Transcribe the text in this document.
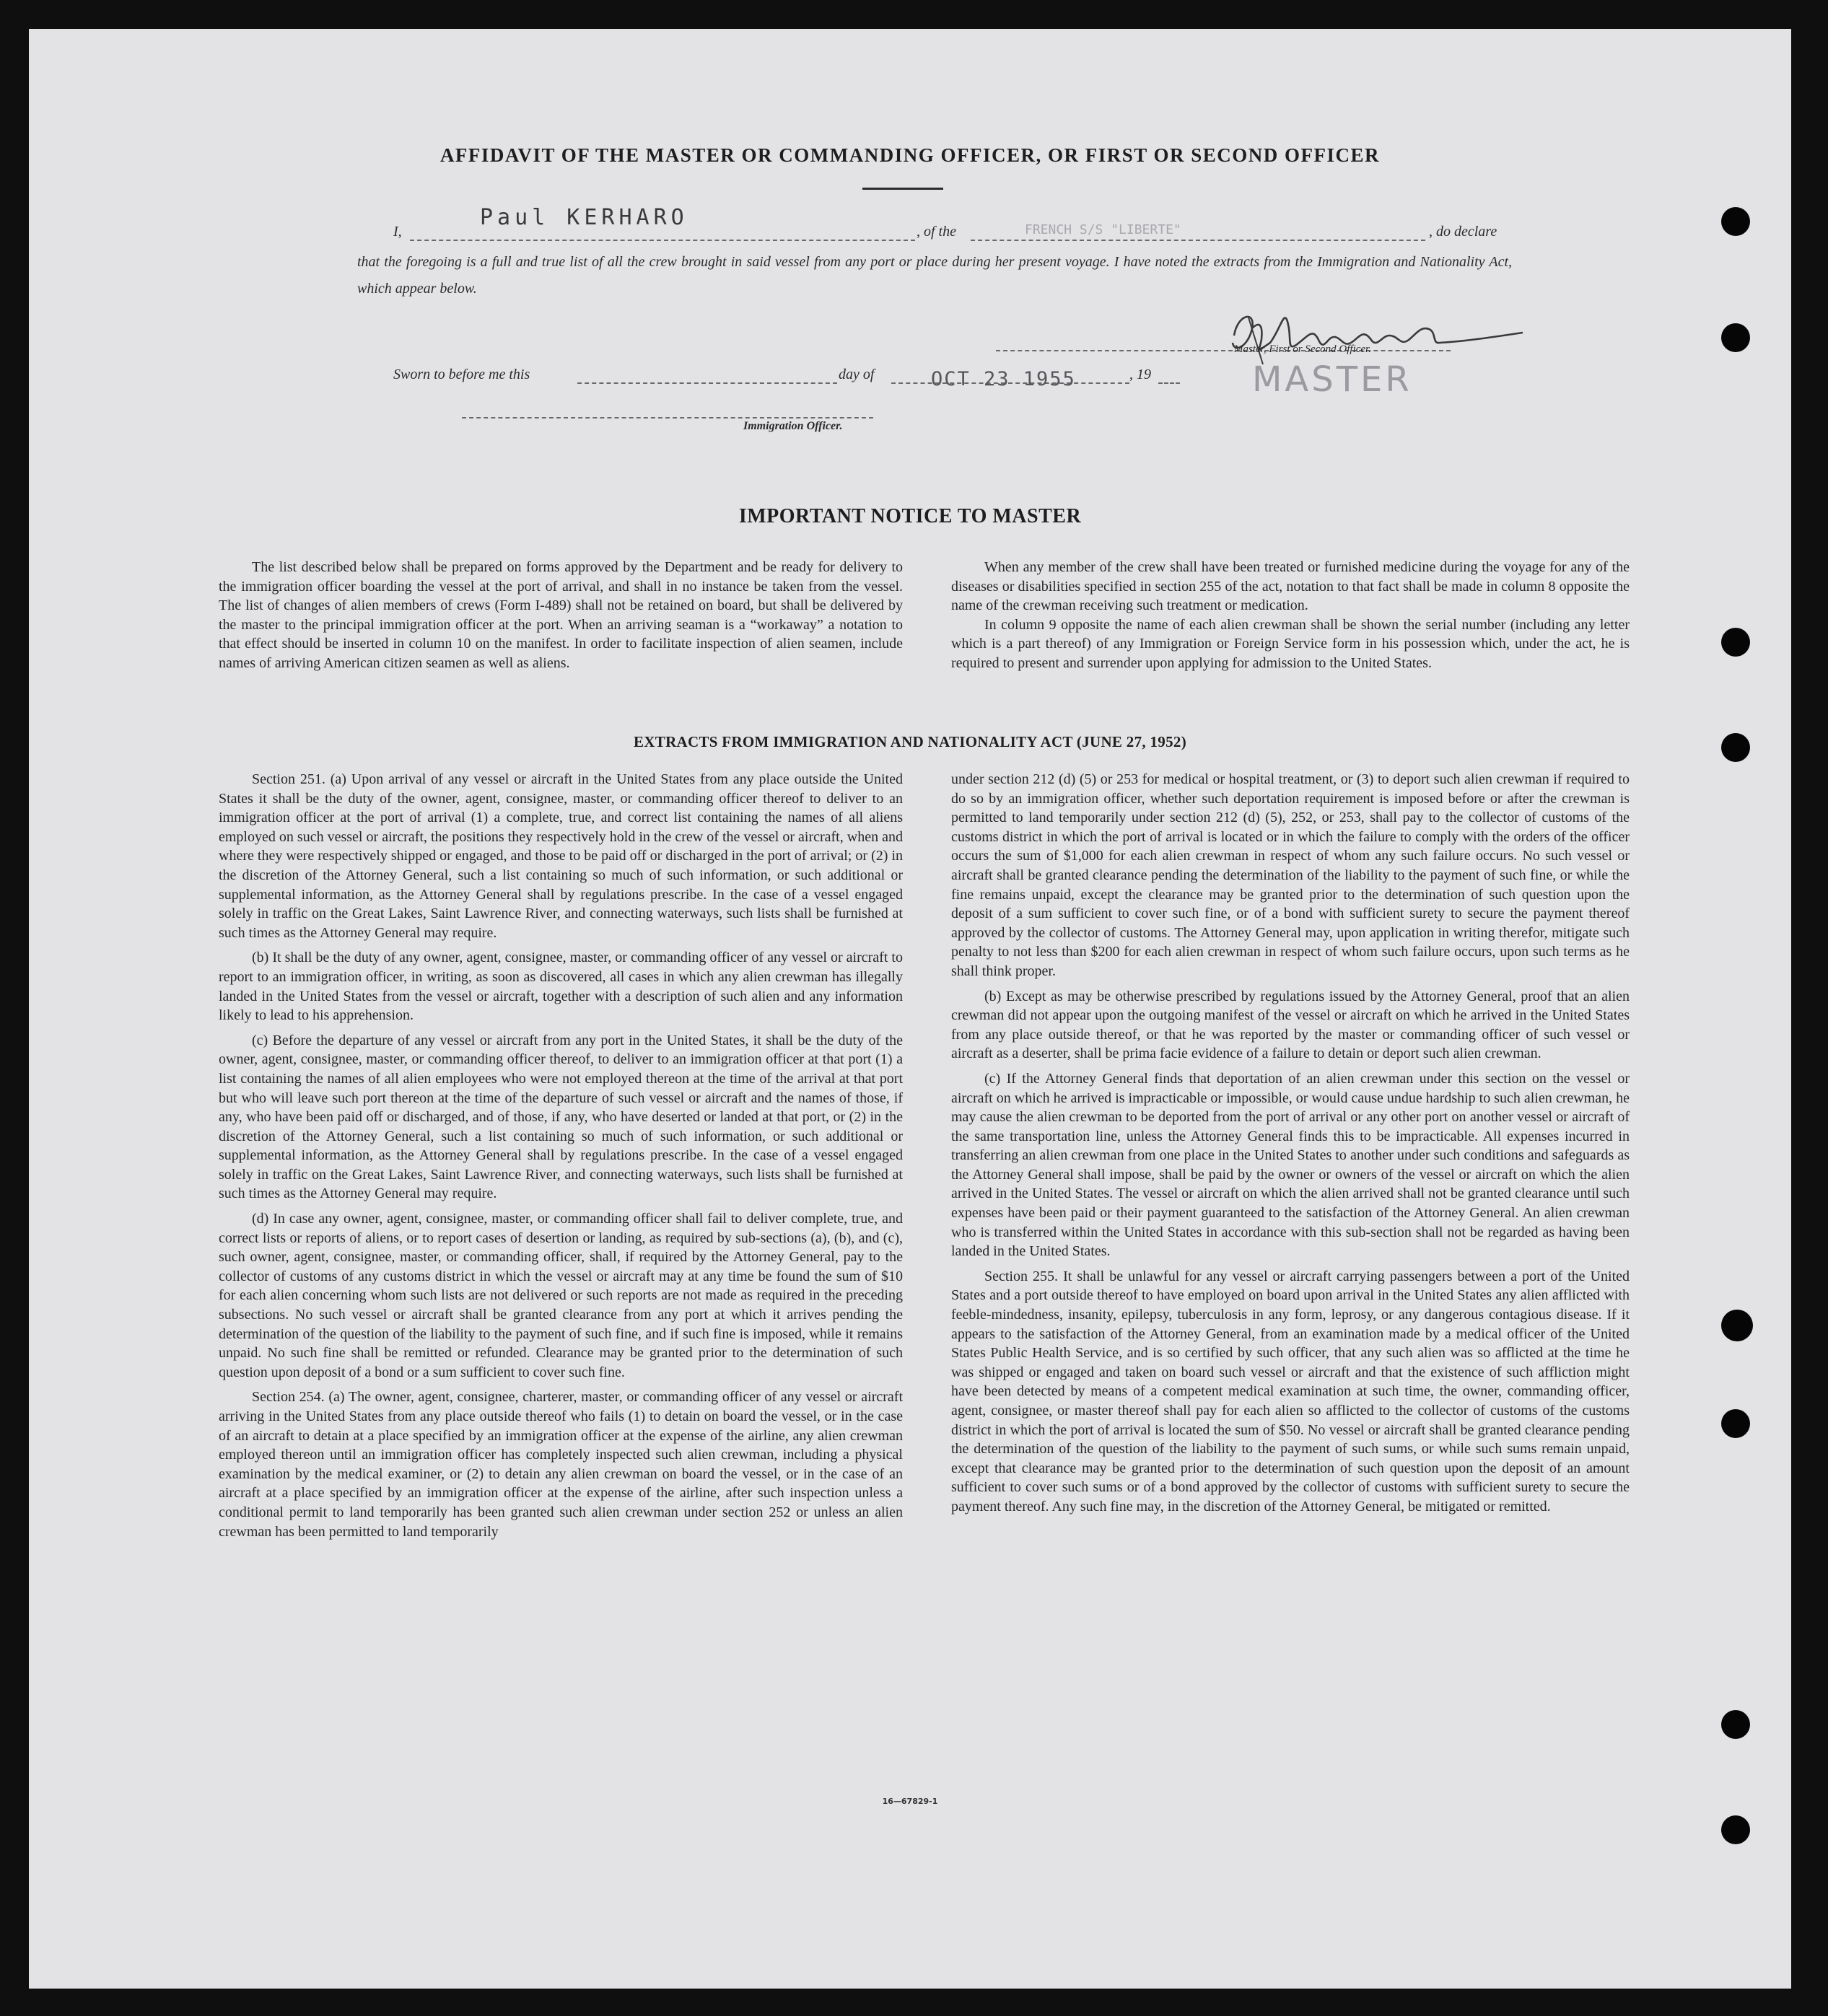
AFFIDAVIT OF THE MASTER OR COMMANDING OFFICER, OR FIRST OR SECOND OFFICER
I,
Paul KERHARO
, of the	FRENCH S/S "LIBERTE"	, do declare
that the foregoing is a full and true list of all the crew brought in said vessel from any port or place during her present voyage. I have noted the extracts from the Immigration and Nationality Act, which appear below.
Master, First or Second Officer.
MASTER
Sworn to before me this	day of	OCT 23 1955	, 19
Immigration Officer.
IMPORTANT NOTICE TO MASTER

The list described below shall be prepared on forms approved by the Department and be ready for delivery to the immigration officer boarding the vessel at the port of arrival, and shall in no instance be taken from the vessel. The list of changes of alien members of crews (Form I-489) shall not be retained on board, but shall be delivered by the master to the principal immigration officer at the port. When an arriving seaman is a “workaway” a notation to that effect should be inserted in column 10 on the manifest. In order to facilitate inspection of alien seamen, include names of arriving American citizen seamen as well as aliens.

When any member of the crew shall have been treated or furnished medicine during the voyage for any of the diseases or disabilities specified in section 255 of the act, notation to that fact shall be made in column 8 opposite the name of the crewman receiving such treatment or medication.

In column 9 opposite the name of each alien crewman shall be shown the serial number (including any letter which is a part thereof) of any Immigration or Foreign Service form in his possession which, under the act, he is required to present and surrender upon applying for admission to the United States.

EXTRACTS FROM IMMIGRATION AND NATIONALITY ACT (JUNE 27, 1952)

Section 251. (a) Upon arrival of any vessel or aircraft in the United States from any place outside the United States it shall be the duty of the owner, agent, consignee, master, or commanding officer thereof to deliver to an immigration officer at the port of arrival (1) a complete, true, and correct list containing the names of all aliens employed on such vessel or aircraft, the positions they respectively hold in the crew of the vessel or aircraft, when and where they were respectively shipped or engaged, and those to be paid off or discharged in the port of arrival; or (2) in the discretion of the Attorney General, such a list containing so much of such information, or such additional or supplemental information, as the Attorney General shall by regulations prescribe. In the case of a vessel engaged solely in traffic on the Great Lakes, Saint Lawrence River, and connecting waterways, such lists shall be furnished at such times as the Attorney General may require.

(b) It shall be the duty of any owner, agent, consignee, master, or commanding officer of any vessel or aircraft to report to an immigration officer, in writing, as soon as discovered, all cases in which any alien crewman has illegally landed in the United States from the vessel or aircraft, together with a description of such alien and any information likely to lead to his apprehension.

(c) Before the departure of any vessel or aircraft from any port in the United States, it shall be the duty of the owner, agent, consignee, master, or commanding officer thereof, to deliver to an immigration officer at that port (1) a list containing the names of all alien employees who were not employed thereon at the time of the arrival at that port but who will leave such port thereon at the time of the departure of such vessel or aircraft and the names of those, if any, who have been paid off or discharged, and of those, if any, who have deserted or landed at that port, or (2) in the discretion of the Attorney General, such a list containing so much of such information, or such additional or supplemental information, as the Attorney General shall by regulations prescribe. In the case of a vessel engaged solely in traffic on the Great Lakes, Saint Lawrence River, and connecting waterways, such lists shall be furnished at such times as the Attorney General may require.

(d) In case any owner, agent, consignee, master, or commanding officer shall fail to deliver complete, true, and correct lists or reports of aliens, or to report cases of desertion or landing, as required by sub-sections (a), (b), and (c), such owner, agent, consignee, master, or commanding officer, shall, if required by the Attorney General, pay to the collector of customs of any customs district in which the vessel or aircraft may at any time be found the sum of $10 for each alien concerning whom such lists are not delivered or such reports are not made as required in the preceding subsections. No such vessel or aircraft shall be granted clearance from any port at which it arrives pending the determination of the question of the liability to the payment of such fine, and if such fine is imposed, while it remains unpaid. No such fine shall be remitted or refunded. Clearance may be granted prior to the determination of such question upon deposit of a bond or a sum sufficient to cover such fine.

Section 254. (a) The owner, agent, consignee, charterer, master, or commanding officer of any vessel or aircraft arriving in the United States from any place outside thereof who fails (1) to detain on board the vessel, or in the case of an aircraft to detain at a place specified by an immigration officer at the expense of the airline, any alien crewman employed thereon until an immigration officer has completely inspected such alien crewman, including a physical examination by the medical examiner, or (2) to detain any alien crewman on board the vessel, or in the case of an aircraft at a place specified by an immigration officer at the expense of the airline, after such inspection unless a conditional permit to land temporarily has been granted such alien crewman under section 252 or unless an alien crewman has been permitted to land temporarily

under section 212 (d) (5) or 253 for medical or hospital treatment, or (3) to deport such alien crewman if required to do so by an immigration officer, whether such deportation requirement is imposed before or after the crewman is permitted to land temporarily under section 212 (d) (5), 252, or 253, shall pay to the collector of customs of the customs district in which the port of arrival is located or in which the failure to comply with the orders of the officer occurs the sum of $1,000 for each alien crewman in respect of whom any such failure occurs. No such vessel or aircraft shall be granted clearance pending the determination of the liability to the payment of such fine, or while the fine remains unpaid, except the clearance may be granted prior to the determination of such question upon the deposit of a sum sufficient to cover such fine, or of a bond with sufficient surety to secure the payment thereof approved by the collector of customs. The Attorney General may, upon application in writing therefor, mitigate such penalty to not less than $200 for each alien crewman in respect of whom such failure occurs, upon such terms as he shall think proper.

(b) Except as may be otherwise prescribed by regulations issued by the Attorney General, proof that an alien crewman did not appear upon the outgoing manifest of the vessel or aircraft on which he arrived in the United States from any place outside thereof, or that he was reported by the master or commanding officer of such vessel or aircraft as a deserter, shall be prima facie evidence of a failure to detain or deport such alien crewman.

(c) If the Attorney General finds that deportation of an alien crewman under this section on the vessel or aircraft on which he arrived is impracticable or impossible, or would cause undue hardship to such alien crewman, he may cause the alien crewman to be deported from the port of arrival or any other port on another vessel or aircraft of the same transportation line, unless the Attorney General finds this to be impracticable. All expenses incurred in transferring an alien crewman from one place in the United States to another under such conditions and safeguards as the Attorney General shall impose, shall be paid by the owner or owners of the vessel or aircraft on which the alien arrived in the United States. The vessel or aircraft on which the alien arrived shall not be granted clearance until such expenses have been paid or their payment guaranteed to the satisfaction of the Attorney General. An alien crewman who is transferred within the United States in accordance with this sub-section shall not be regarded as having been landed in the United States.

Section 255. It shall be unlawful for any vessel or aircraft carrying passengers between a port of the United States and a port outside thereof to have employed on board upon arrival in the United States any alien afflicted with feeble-mindedness, insanity, epilepsy, tuberculosis in any form, leprosy, or any dangerous contagious disease. If it appears to the satisfaction of the Attorney General, from an examination made by a medical officer of the United States Public Health Service, and is so certified by such officer, that any such alien was so afflicted at the time he was shipped or engaged and taken on board such vessel or aircraft and that the existence of such affliction might have been detected by means of a competent medical examination at such time, the owner, commanding officer, agent, consignee, or master thereof shall pay for each alien so afflicted to the collector of customs of the customs district in which the port of arrival is located the sum of $50. No vessel or aircraft shall be granted clearance pending the determination of the question of the liability to the payment of such sums, or while such sums remain unpaid, except that clearance may be granted prior to the determination of such question upon the deposit of an amount sufficient to cover such sums or of a bond approved by the collector of customs with sufficient surety to secure the payment thereof. Any such fine may, in the discretion of the Attorney General, be mitigated or remitted.

16—67829-1
